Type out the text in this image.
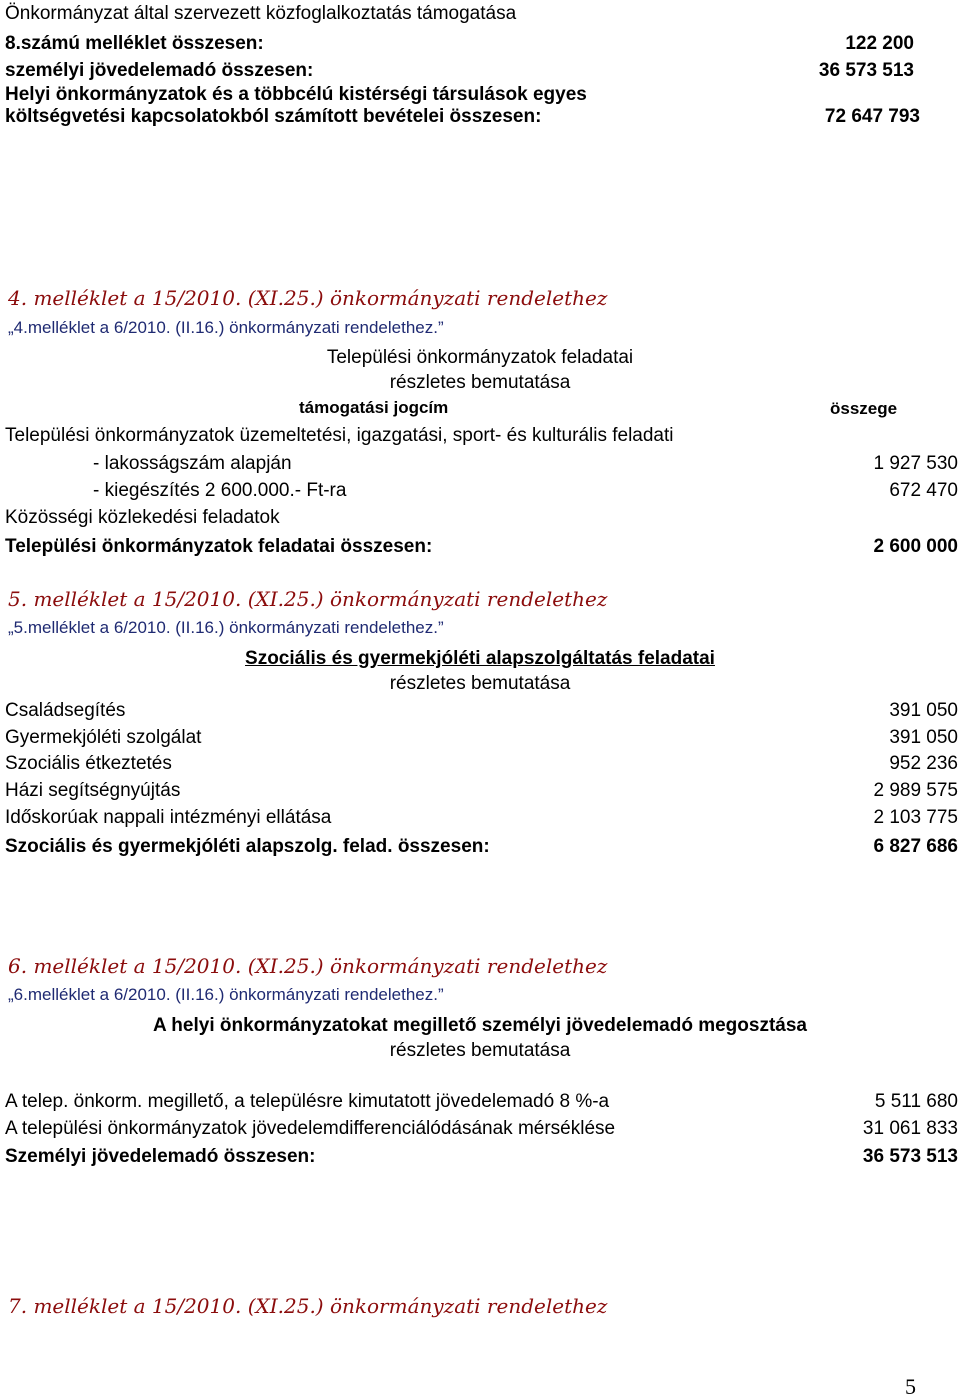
Önkormányzat által szervezett közfoglalkoztatás támogatása
8.számú melléklet összesen:	122 200
személyi jövedelemadó összesen:	36 573 513
Helyi önkormányzatok és a többcélú kistérségi társulások egyes
költségvetési kapcsolatokból számított bevételei összesen:	72 647 793
4. melléklet a 15/2010. (XI.25.) önkormányzati rendelethez
„4.melléklet a 6/2010. (II.16.) önkormányzati rendelethez.”
Települési önkormányzatok feladatai
részletes bemutatása
támogatási jogcím	összege
Települési önkormányzatok üzemeltetési, igazgatási, sport- és kulturális feladati
- lakosságszám alapján	1 927 530
- kiegészítés 2 600.000.- Ft-ra	672 470
Közösségi közlekedési feladatok
Települési önkormányzatok feladatai összesen:	2 600 000
5. melléklet a 15/2010. (XI.25.) önkormányzati rendelethez
„5.melléklet a 6/2010. (II.16.) önkormányzati rendelethez.”
Szociális és gyermekjóléti alapszolgáltatás feladatai
részletes bemutatása
Családsegítés	391 050
Gyermekjóléti szolgálat	391 050
Szociális étkeztetés	952 236
Házi segítségnyújtás	2 989 575
Időskorúak nappali intézményi ellátása	2 103 775
Szociális és gyermekjóléti alapszolg. felad. összesen:	6 827 686
6. melléklet a 15/2010. (XI.25.) önkormányzati rendelethez
„6.melléklet a 6/2010. (II.16.) önkormányzati rendelethez.”
A helyi önkormányzatokat megillető személyi jövedelemadó megosztása
részletes bemutatása
A telep. önkorm. megillető, a településre kimutatott jövedelemadó 8 %-a	5 511 680
A települési önkormányzatok jövedelemdifferenciálódásának mérséklése	31 061 833
Személyi jövedelemadó összesen:	36 573 513
7. melléklet a 15/2010. (XI.25.) önkormányzati rendelethez
5
